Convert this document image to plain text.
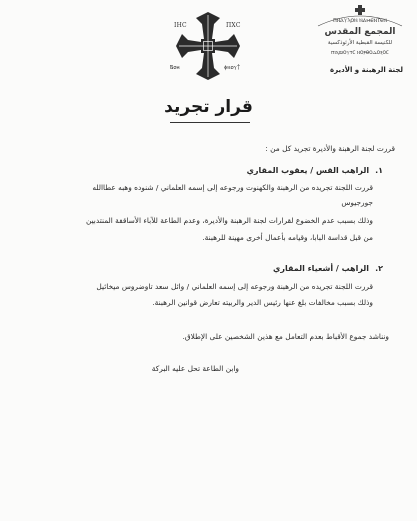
IHC	ПХС
Ⲃⲟⲏ	ⲫⲛⲟⲩ†
ⲠⲚⲀⲨⲖⲞⲚ ⲚⲀⲘⲈⲚⲦⲈⲚ
المجمع المقدس
للكنيسة القبطية الأرثوذكسية
ⲠⲒⲬⲰⲞⲨⲦⲤ ⲚⲞⲢⲐⲞⲆⲞⲜⲞⲤ
لجنة الرهبنة و الأديرة
قرار تجريد
قررت لجنة الرهبنة والأديرة تجريد كل من :
١.الراهب القس / يعقوب المقاري
قررت اللجنة تجريده من الرهبنة والكهنوت ورجوعه إلى إسمه العلماني / شنوده وهبه عطاالله
جورجيوس
وذلك بسبب عدم الخضوع لقرارات لجنة الرهبنة والأديرة، وعدم الطاعة للآباء الأساقفة المنتدبين
من قبل قداسة البابا، وقيامه بأعمال أخرى مهينة للرهبنة.
٢.الراهب / أشعياء المقاري
قررت اللجنة تجريده من الرهبنة ورجوعه إلى إسمه العلماني / وائل سعد تاوضروس ميخائيل
وذلك بسبب مخالفات بلغ عنها رئيس الدير والربيته تعارض قوانين الرهبنة.
ونناشد جموع الأقباط بعدم التعامل مع هذين الشخصين على الإطلاق.
وابن الطاعة تحل عليه البركة
